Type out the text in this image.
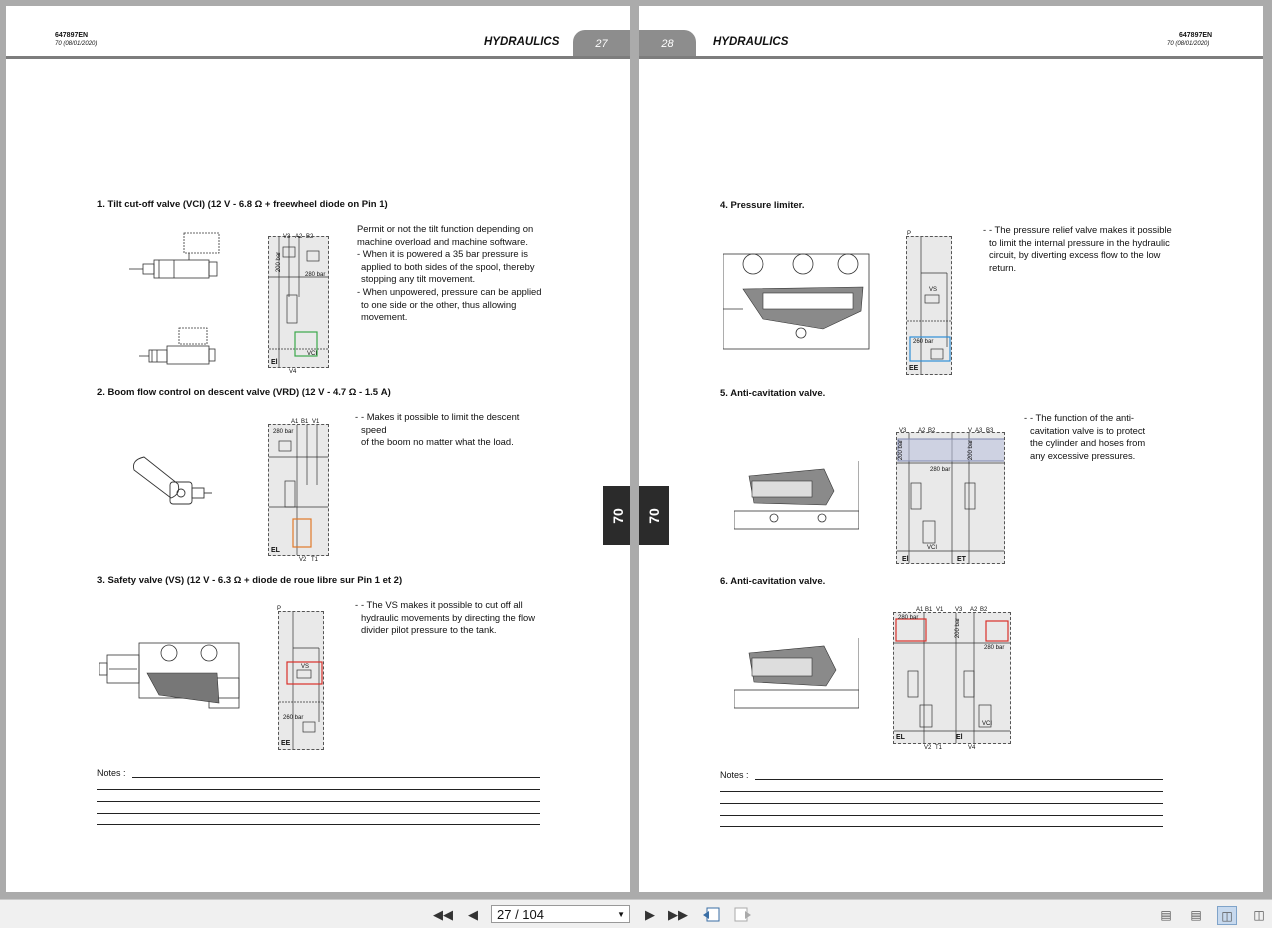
647897EN
70 (08/01/2020)	HYDRAULICS	27
1. Tilt cut-off valve (VCI) (12 V - 6.8 Ω + freewheel diode on Pin 1)
V3 A2 B2
200 bar
280 bar
VCI
El
V4
Permit or not the tilt function depending on
machine overload and machine software.
- When it is powered a 35 bar pressure is
applied to both sides of the spool, thereby
stopping any tilt movement.
- When unpowered, pressure can be applied
to one side or the other, thus allowing
movement.
2. Boom flow control on descent valve (VRD) (12 V - 4.7 Ω - 1.5 A)
A1 B1 V1
280 bar
EL
V2 T1
- - Makes it possible to limit the descent speed
of the boom no matter what the load.
3. Safety valve (VS) (12 V - 6.3 Ω + diode de roue libre sur Pin 1 et 2)
P
VS
260 bar
EE
- - The VS makes it possible to cut off all
hydraulic movements by directing the flow
divider pilot pressure to the tank.
Notes :
70
28	HYDRAULICS
647897EN
70 (08/01/2020)
4. Pressure limiter.
P
VS
260 bar
EE
- - The pressure relief valve makes it possible
to limit the internal pressure in the hydraulic
circuit, by diverting excess flow to the low
return.
5. Anti-cavitation valve.
V3 A2 B2	V A3 B3
200 bar
280 bar
200 bar
VCI
El	ET
- - The function of the anti-
cavitation valve is to protect
the cylinder and hoses from
any excessive pressures.
6. Anti-cavitation valve.
A1 B1 V1 V3 A2 B2
280 bar	200 bar
280 bar
VCI
EL	El
V2 T1	V4
Notes :
70
◀◀	◀	27 / 104	▼	▶	▶▶	▤ ▤	◫	◫
